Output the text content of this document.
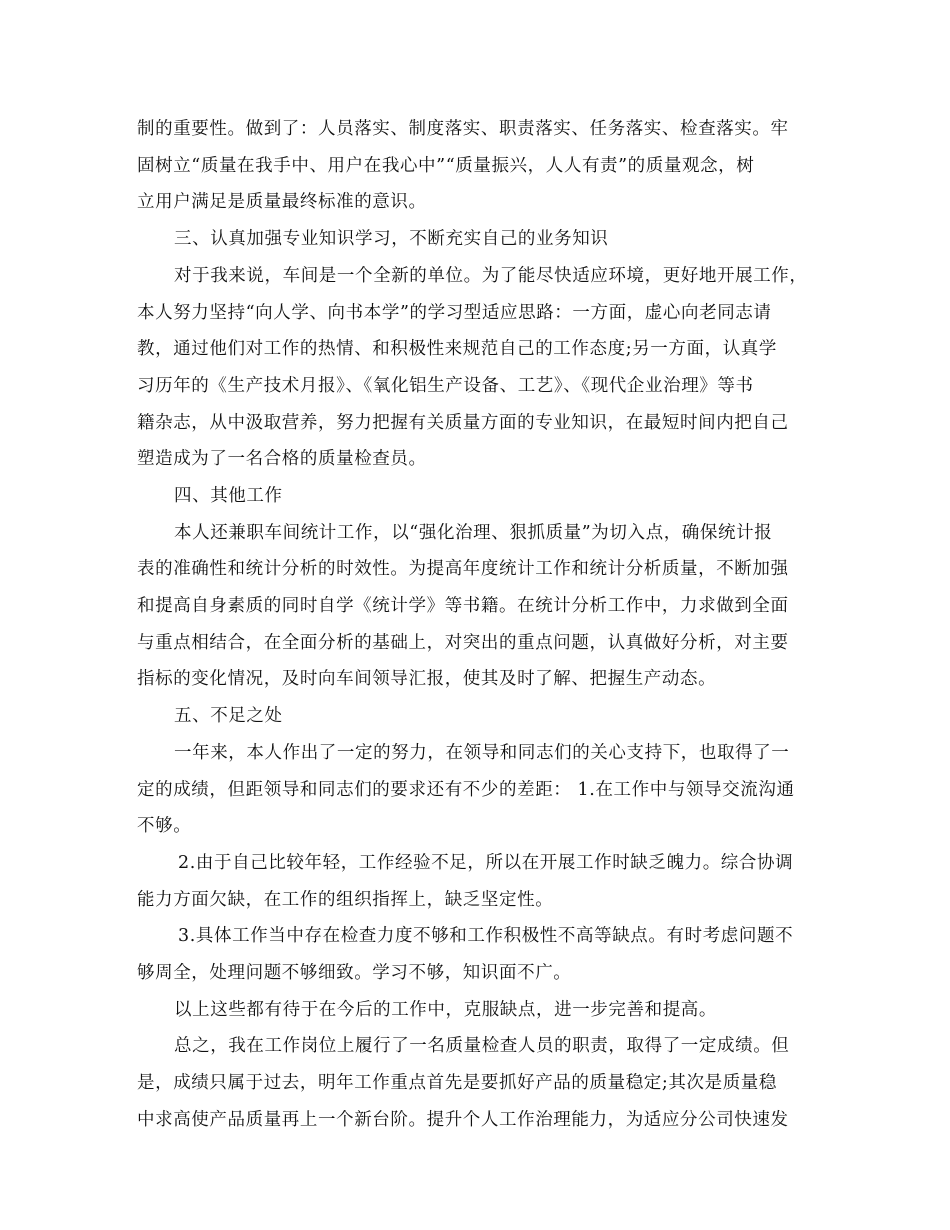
制的重要性。做到了：人员落实、制度落实、职责落实、任务落实、检查落实。牢
固树立“质量在我手中、用户在我心中”“质量振兴，人人有责”的质量观念，树
立用户满足是质量最终标准的意识。
三、认真加强专业知识学习，不断充实自己的业务知识
对于我来说，车间是一个全新的单位。为了能尽快适应环境，更好地开展工作，
本人努力坚持“向人学、向书本学”的学习型适应思路：一方面，虚心向老同志请
教，通过他们对工作的热情、和积极性来规范自己的工作态度;另一方面，认真学
习历年的《生产技术月报》、《氧化铝生产设备、工艺》、《现代企业治理》等书
籍杂志，从中汲取营养，努力把握有关质量方面的专业知识，在最短时间内把自己
塑造成为了一名合格的质量检查员。
四、其他工作
本人还兼职车间统计工作，以“强化治理、狠抓质量”为切入点，确保统计报
表的准确性和统计分析的时效性。为提高年度统计工作和统计分析质量，不断加强
和提高自身素质的同时自学《统计学》等书籍。在统计分析工作中，力求做到全面
与重点相结合，在全面分析的基础上，对突出的重点问题，认真做好分析，对主要
指标的变化情况，及时向车间领导汇报，使其及时了解、把握生产动态。
五、不足之处
一年来，本人作出了一定的努力，在领导和同志们的关心支持下，也取得了一
定的成绩，但距领导和同志们的要求还有不少的差距： 1.在工作中与领导交流沟通
不够。
2.由于自己比较年轻，工作经验不足，所以在开展工作时缺乏魄力。综合协调
能力方面欠缺，在工作的组织指挥上，缺乏坚定性。
3.具体工作当中存在检查力度不够和工作积极性不高等缺点。有时考虑问题不
够周全，处理问题不够细致。学习不够，知识面不广。
以上这些都有待于在今后的工作中，克服缺点，进一步完善和提高。
总之，我在工作岗位上履行了一名质量检查人员的职责，取得了一定成绩。但
是，成绩只属于过去，明年工作重点首先是要抓好产品的质量稳定;其次是质量稳
中求高使产品质量再上一个新台阶。提升个人工作治理能力，为适应分公司快速发
